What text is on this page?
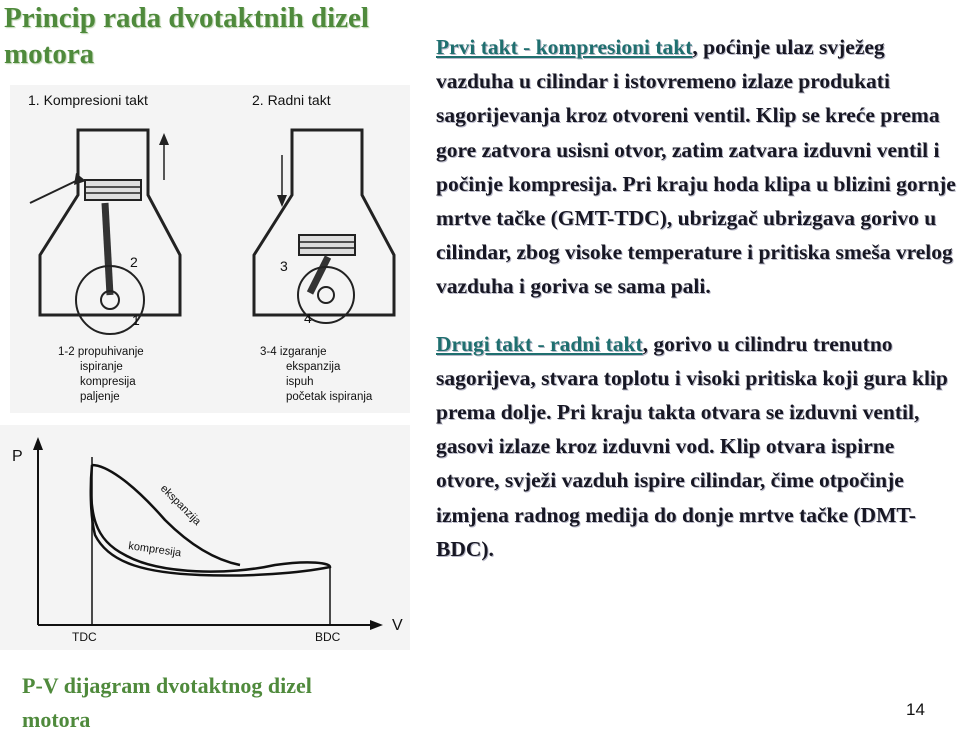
Princip rada dvotaktnih dizel motora
1. Kompresioni takt	2. Radni takt
2
1
3
4
1-2 propuhivanje
ispiranje
kompresija
paljenje
3-4 izgaranje
ekspanzija
ispuh
početak ispiranja
P
V
TDC	BDC
ekspanzija
kompresija
P-V dijagram dvotaktnog dizel motora

Prvi takt - kompresioni takt, poćinje ulaz svježeg vazduha u cilindar i istovremeno izlaze produkati sagorijevanja kroz otvoreni ventil. Klip se kreće prema gore zatvora usisni otvor, zatim zatvara izduvni ventil i počinje kompresija. Pri kraju hoda klipa u blizini gornje mrtve tačke (GMT-TDC), ubrizgač ubrizgava gorivo u cilindar, zbog visoke temperature i pritiska smeša vrelog vazduha i goriva se sama pali.

Drugi takt - radni takt, gorivo u cilindru trenutno sagorijeva, stvara toplotu i visoki pritiska koji gura klip prema dolje. Pri kraju takta otvara se izduvni ventil, gasovi izlaze kroz izduvni vod. Klip otvara ispirne otvore, svježi vazduh ispire cilindar, čime otpočinje izmjena radnog medija do donje mrtve tačke (DMT-BDC).

14
